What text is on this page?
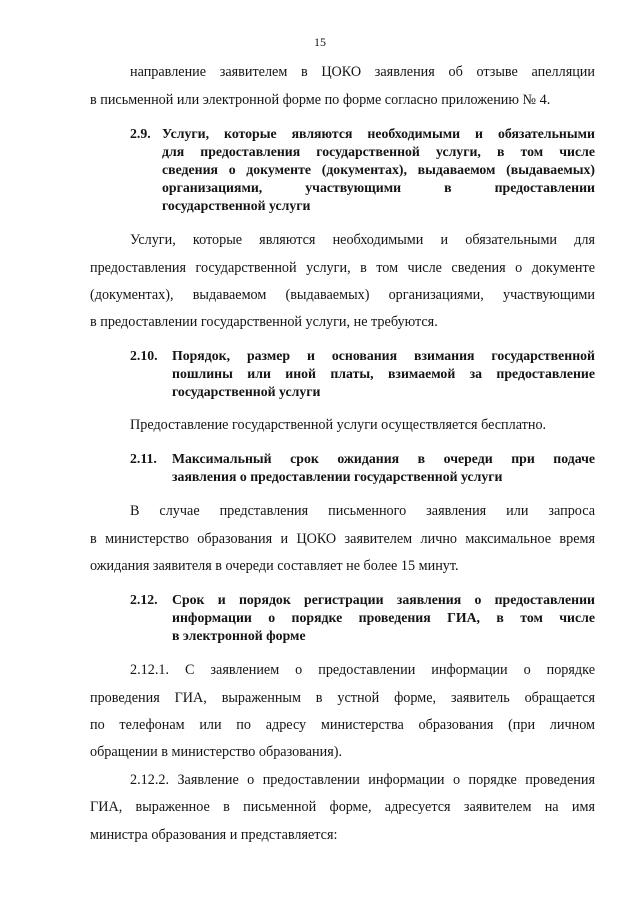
15
направление заявителем в ЦОКО заявления об отзыве апелляции
в письменной или электронной форме по форме согласно приложению № 4.
2.9. Услуги, которые являются необходимыми и обязательными
для предоставления государственной услуги, в том числе
сведения о документе (документах), выдаваемом (выдаваемых)
организациями, участвующими в предоставлении
государственной услуги
Услуги, которые являются необходимыми и обязательными для
предоставления государственной услуги, в том числе сведения о документе
(документах), выдаваемом (выдаваемых) организациями, участвующими
в предоставлении государственной услуги, не требуются.
2.10.	Порядок, размер и основания взимания государственной
пошлины или иной платы, взимаемой за предоставление
государственной услуги
Предоставление государственной услуги осуществляется бесплатно.
2.11.	Максимальный срок ожидания в очереди при подаче
заявления о предоставлении государственной услуги
В случае представления письменного заявления или запроса
в министерство образования и ЦОКО заявителем лично максимальное время
ожидания заявителя в очереди составляет не более 15 минут.
2.12.	Срок и порядок регистрации заявления о предоставлении
информации о порядке проведения ГИА, в том числе
в электронной форме
2.12.1. С заявлением о предоставлении информации о порядке
проведения ГИА, выраженным в устной форме, заявитель обращается
по телефонам или по адресу министерства образования (при личном
обращении в министерство образования).
2.12.2. Заявление о предоставлении информации о порядке проведения
ГИА, выраженное в письменной форме, адресуется заявителем на имя
министра образования и представляется:
